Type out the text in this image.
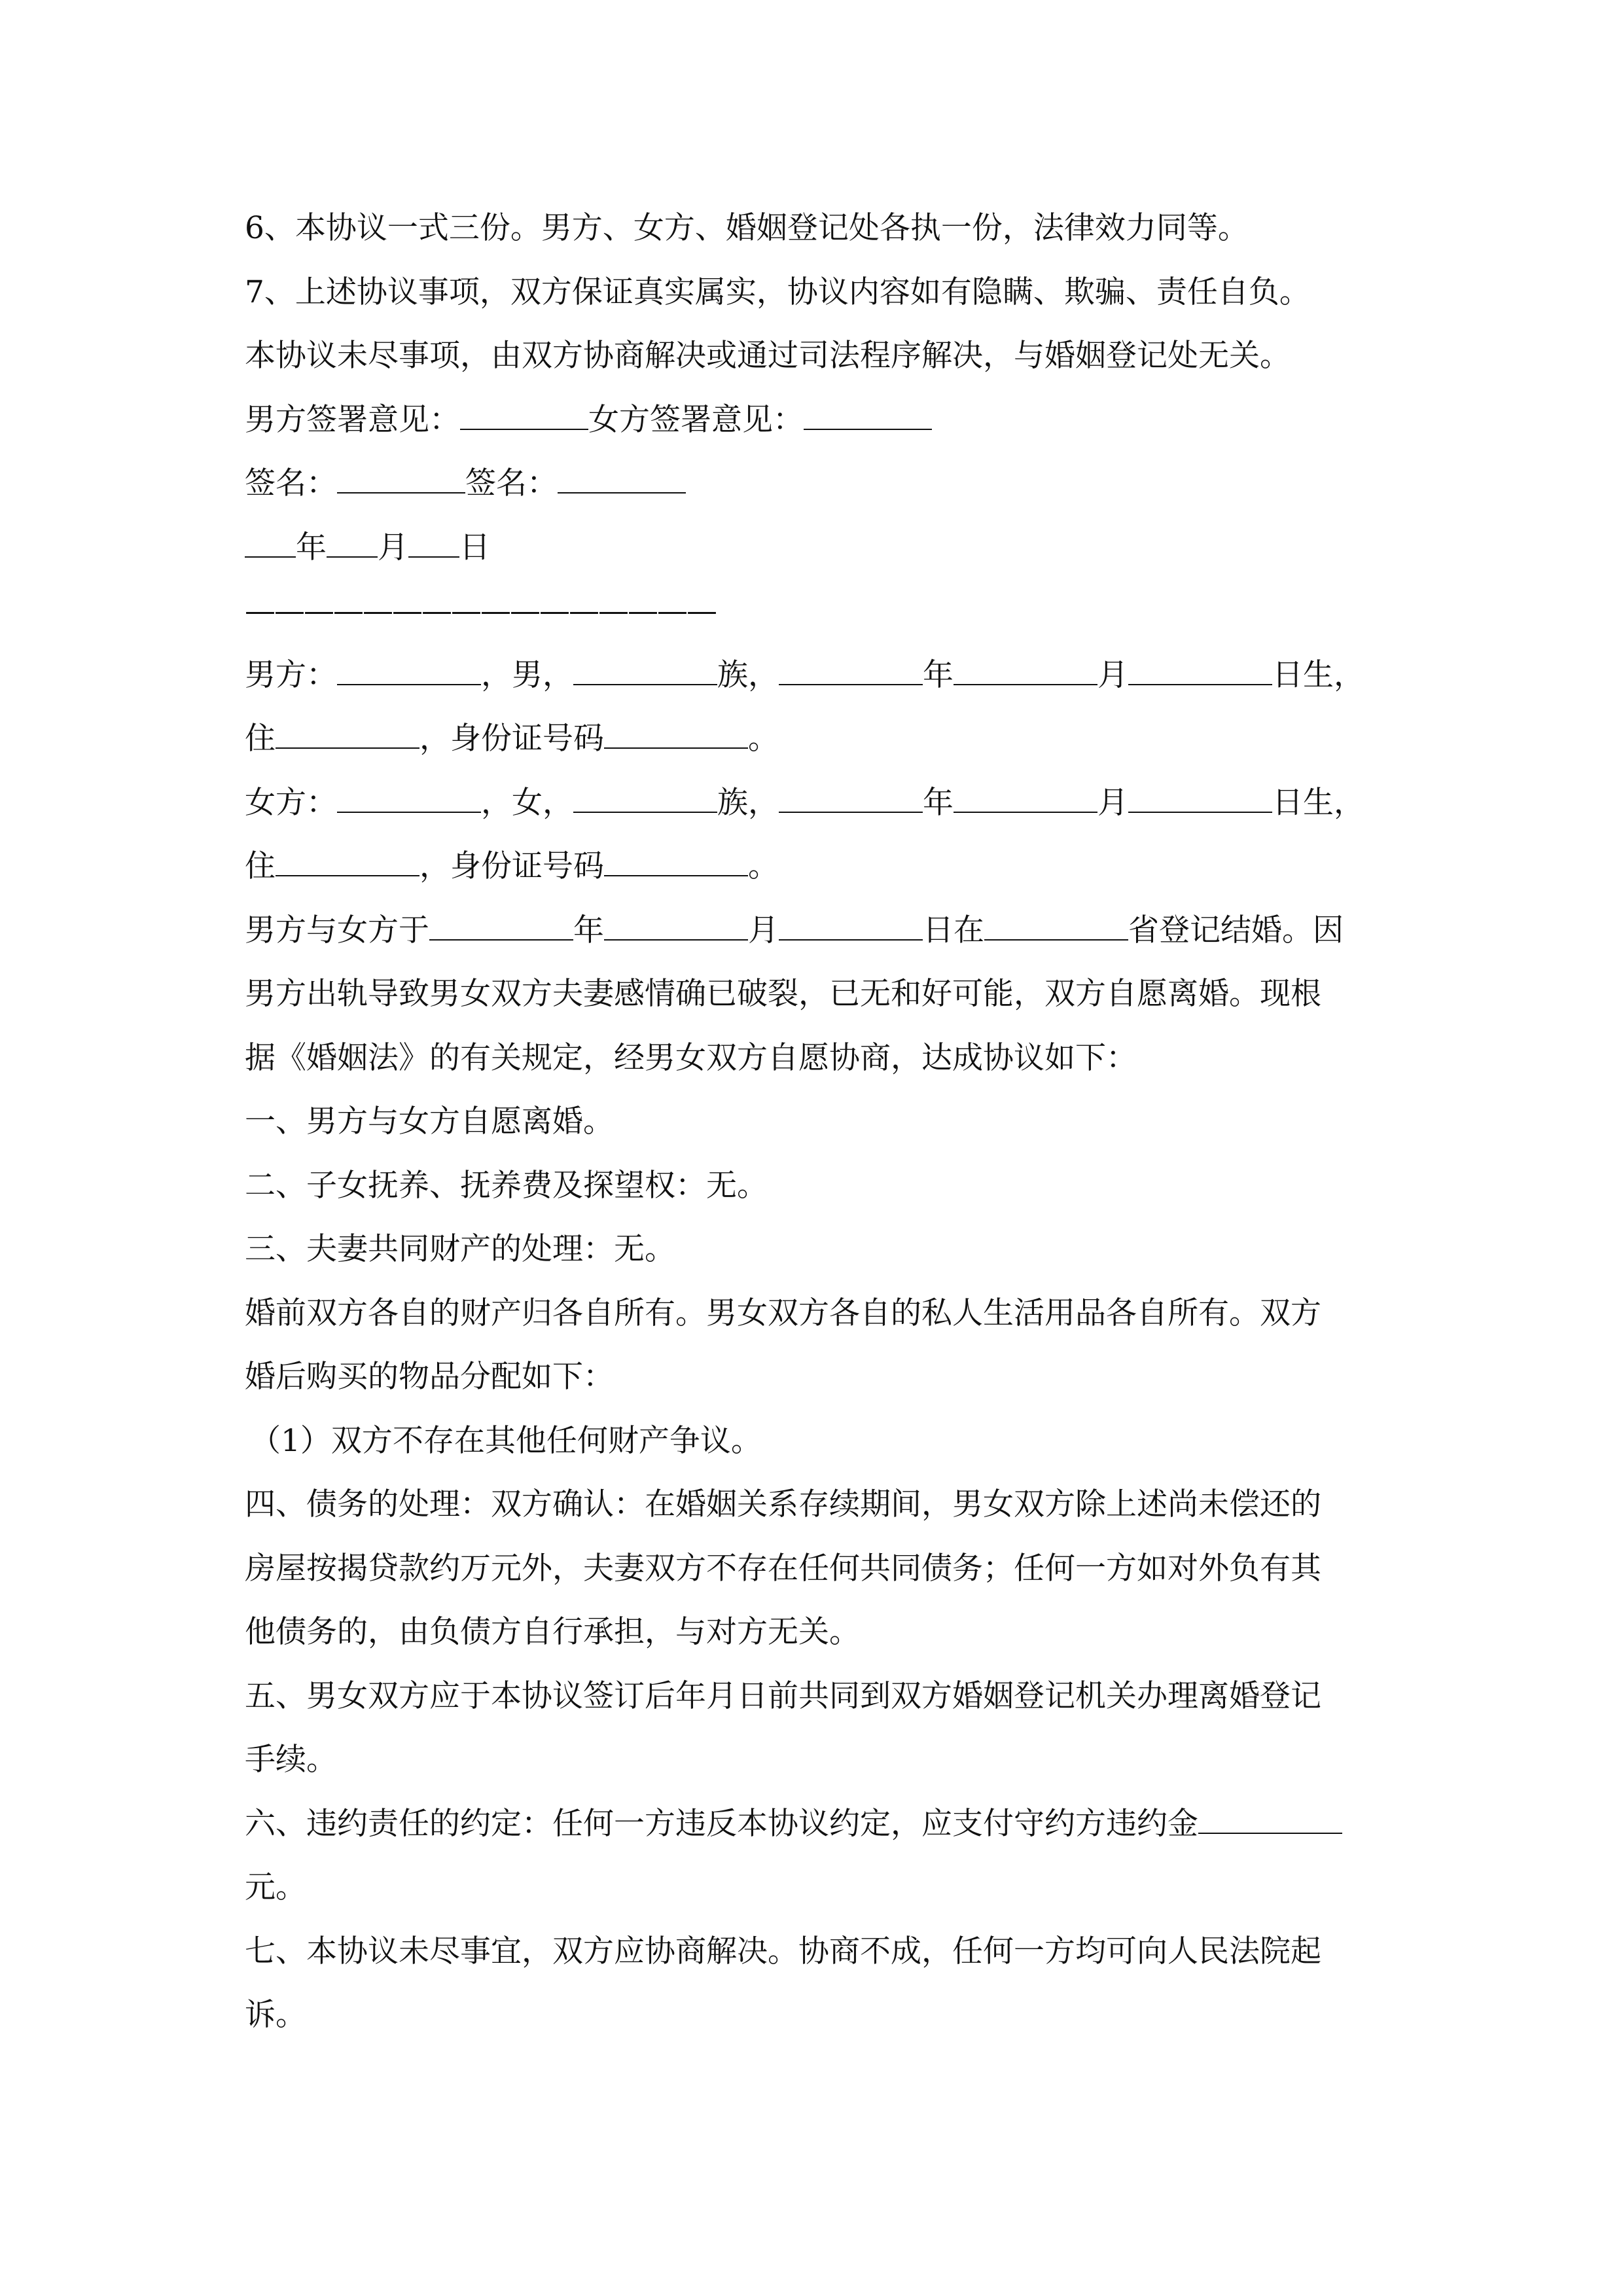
6、本协议一式三份。男方、女方、婚姻登记处各执一份，法律效力同等。
7、上述协议事项，双方保证真实属实，协议内容如有隐瞒、欺骗、责任自负。
本协议未尽事项，由双方协商解决或通过司法程序解决，与婚姻登记处无关。
男方签署意见：	女方签署意见：
签名：	签名：
年 月 日
————————————————
男方：	，男，	族，	年	月	日生，
住	，身份证号码	。
女方：	，女，	族，	年	月	日生，
住	，身份证号码	。
男方与女方于	年	月	日在	省登记结婚。因
男方出轨导致男女双方夫妻感情确已破裂，已无和好可能，双方自愿离婚。现根
据《婚姻法》的有关规定，经男女双方自愿协商，达成协议如下：
一、男方与女方自愿离婚。
二、子女抚养、抚养费及探望权：无。
三、夫妻共同财产的处理：无。
婚前双方各自的财产归各自所有。男女双方各自的私人生活用品各自所有。双方
婚后购买的物品分配如下：
（1）双方不存在其他任何财产争议。
四、债务的处理：双方确认：在婚姻关系存续期间，男女双方除上述尚未偿还的
房屋按揭贷款约万元外，夫妻双方不存在任何共同债务；任何一方如对外负有其
他债务的，由负债方自行承担，与对方无关。
五、男女双方应于本协议签订后年月日前共同到双方婚姻登记机关办理离婚登记
手续。
六、违约责任的约定：任何一方违反本协议约定，应支付守约方违约金
元。
七、本协议未尽事宜，双方应协商解决。协商不成，任何一方均可向人民法院起
诉。
